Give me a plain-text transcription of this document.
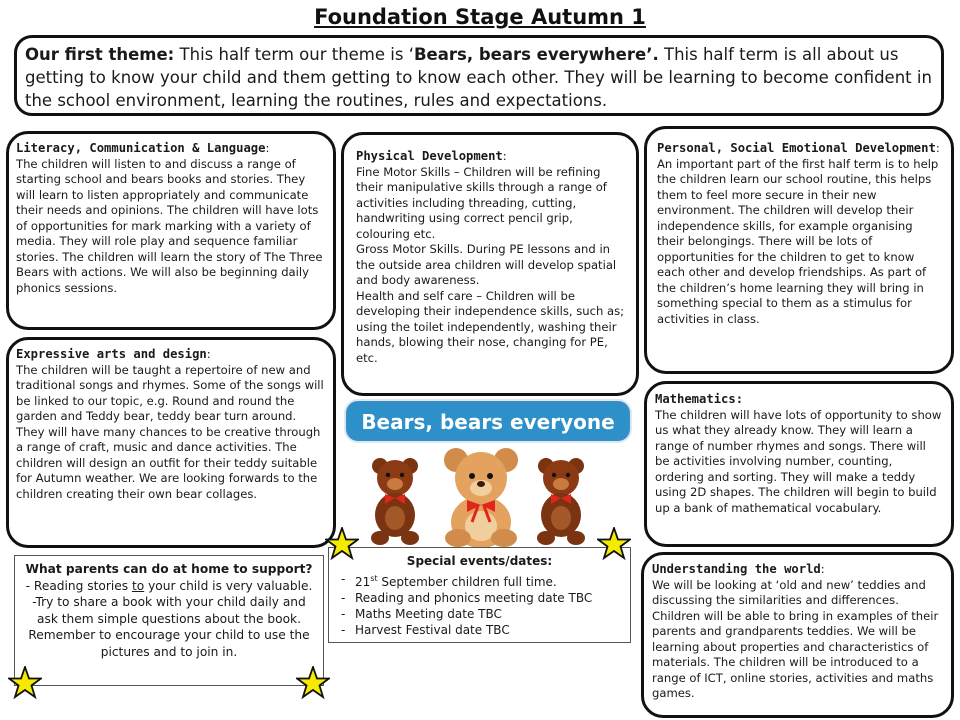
Foundation Stage Autumn 1
Our first theme: This half term our theme is ‘Bears, bears everywhere’. This half term is all about us getting to know your child and them getting to know each other. They will be learning to become confident in the school environment, learning the routines, rules and expectations.

Literacy, Communication & Language:

The children will listen to and discuss a range of starting school and bears books and stories. They will learn to listen appropriately and communicate their needs and opinions. The children will have lots of opportunities for mark marking with a variety of media. They will role play and sequence familiar stories. The children will learn the story of The Three Bears with actions. We will also be beginning daily phonics sessions.

Expressive arts and design:

The children will be taught a repertoire of new and traditional songs and rhymes. Some of the songs will be linked to our topic, e.g. Round and round the garden and Teddy bear, teddy bear turn around. They will have many chances to be creative through a range of craft, music and dance activities. The children will design an outfit for their teddy suitable for Autumn weather. We are looking forwards to the children creating their own bear collages.

Physical Development:

Fine Motor Skills – Children will be refining their manipulative skills through a range of activities including threading, cutting, handwriting using correct pencil grip, colouring etc.

Gross Motor Skills. During PE lessons and in the outside area children will develop spatial and body awareness.

Health and self care – Children will be developing their independence skills, such as; using the toilet independently, washing their hands, blowing their nose, changing for PE, etc.

Personal, Social Emotional Development:

An important part of the first half term is to help the children learn our school routine, this helps them to feel more secure in their new environment. The children will develop their independence skills, for example organising their belongings. There will be lots of opportunities for the children to get to know each other and develop friendships. As part of the children’s home learning they will bring in something special to them as a stimulus for activities in class.

Mathematics:

The children will have lots of opportunity to show us what they already know. They will learn a range of number rhymes and songs. There will be activities involving number, counting, ordering and sorting. They will make a teddy using 2D shapes. The children will begin to build up a bank of mathematical vocabulary.

Understanding the world:

We will be looking at ‘old and new’ teddies and discussing the similarities and differences. Children will be able to bring in examples of their parents and grandparents teddies. We will be learning about properties and characteristics of materials. The children will be introduced to a range of ICT, online stories, activities and maths games.

Bears, bears everyone
What parents can do at home to support?
- Reading stories to your child is very valuable.
-Try to share a book with your child daily and ask them simple questions about the book. Remember to encourage your child to use the pictures and to join in.
Special events/dates:
- 21st September children full time.
- Reading and phonics meeting date TBC
- Maths Meeting date TBC
- Harvest Festival date TBC
